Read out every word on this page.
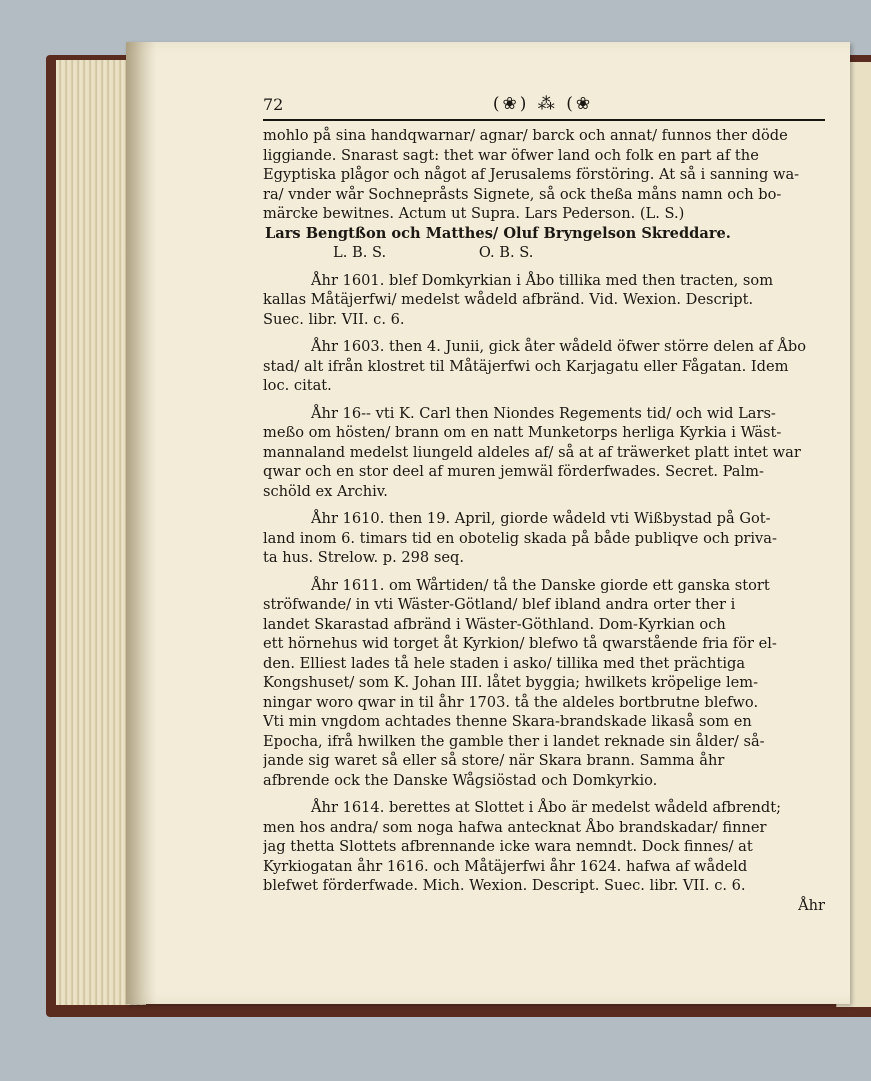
72	(❀) ⁂ (❀
mohlo på sina handqwarnar/ agnar/ barck och annat/ funnos ther döde
liggiande. Snarast sagt: thet war öfwer land och folk en part af the
Egyptiska plågor och något af Jerusalems förstöring. At så i sanning wa-
ra/ vnder wår Sochnepråsts Signete, så ock theßa måns namn och bo-
märcke bewitnes. Actum ut Supra. Lars Pederson. (L. S.)
Lars Bengtßon och Matthes/ Oluf Bryngelson Skreddare.
L. B. S.                    O. B. S.
Åhr 1601. blef Domkyrkian i Åbo tillika med then tracten, som
kallas Måtäjerfwi/ medelst wådeld afbränd. Vid. Wexion. Descript.
Suec. libr. VII. c. 6.
Åhr 1603. then 4. Junii, gick åter wådeld öfwer större delen af Åbo
stad/ alt ifrån klostret til Måtäjerfwi och Karjagatu eller Fågatan. Idem
loc. citat.
Åhr 16-- vti K. Carl then Niondes Regements tid/ och wid Lars-
meßo om hösten/ brann om en natt Munketorps herliga Kyrkia i Wäst-
mannaland medelst liungeld aldeles af/ så at af träwerket platt intet war
qwar och en stor deel af muren jemwäl förderfwades. Secret. Palm-
schöld ex Archiv.
Åhr 1610. then 19. April, giorde wådeld vti Wißbystad på Got-
land inom 6. timars tid en obotelig skada på både publiqve och priva-
ta hus. Strelow. p. 298 seq.
Åhr 1611. om Wårtiden/ tå the Danske giorde ett ganska stort
ströfwande/ in vti Wäster-Götland/ blef ibland andra orter ther i
landet Skarastad afbränd i Wäster-Göthland. Dom-Kyrkian och
ett hörnehus wid torget åt Kyrkion/ blefwo tå qwarstående fria för el-
den. Elliest lades tå hele staden i asko/ tillika med thet prächtiga
Kongshuset/ som K. Johan III. låtet byggia; hwilkets kröpelige lem-
ningar woro qwar in til åhr 1703. tå the aldeles bortbrutne blefwo.
Vti min vngdom achtades thenne Skara-brandskade likaså som en
Epocha, ifrå hwilken the gamble ther i landet reknade sin ålder/ så-
jande sig waret så eller så store/ när Skara brann. Samma åhr
afbrende ock the Danske Wågsiöstad och Domkyrkio.
Åhr 1614. berettes at Slottet i Åbo är medelst wådeld afbrendt;
men hos andra/ som noga hafwa antecknat Åbo brandskadar/ finner
jag thetta Slottets afbrennande icke wara nemndt. Dock finnes/ at
Kyrkiogatan åhr 1616. och Måtäjerfwi åhr 1624. hafwa af wådeld
blefwet förderfwade. Mich. Wexion. Descript. Suec. libr. VII. c. 6.
Åhr
